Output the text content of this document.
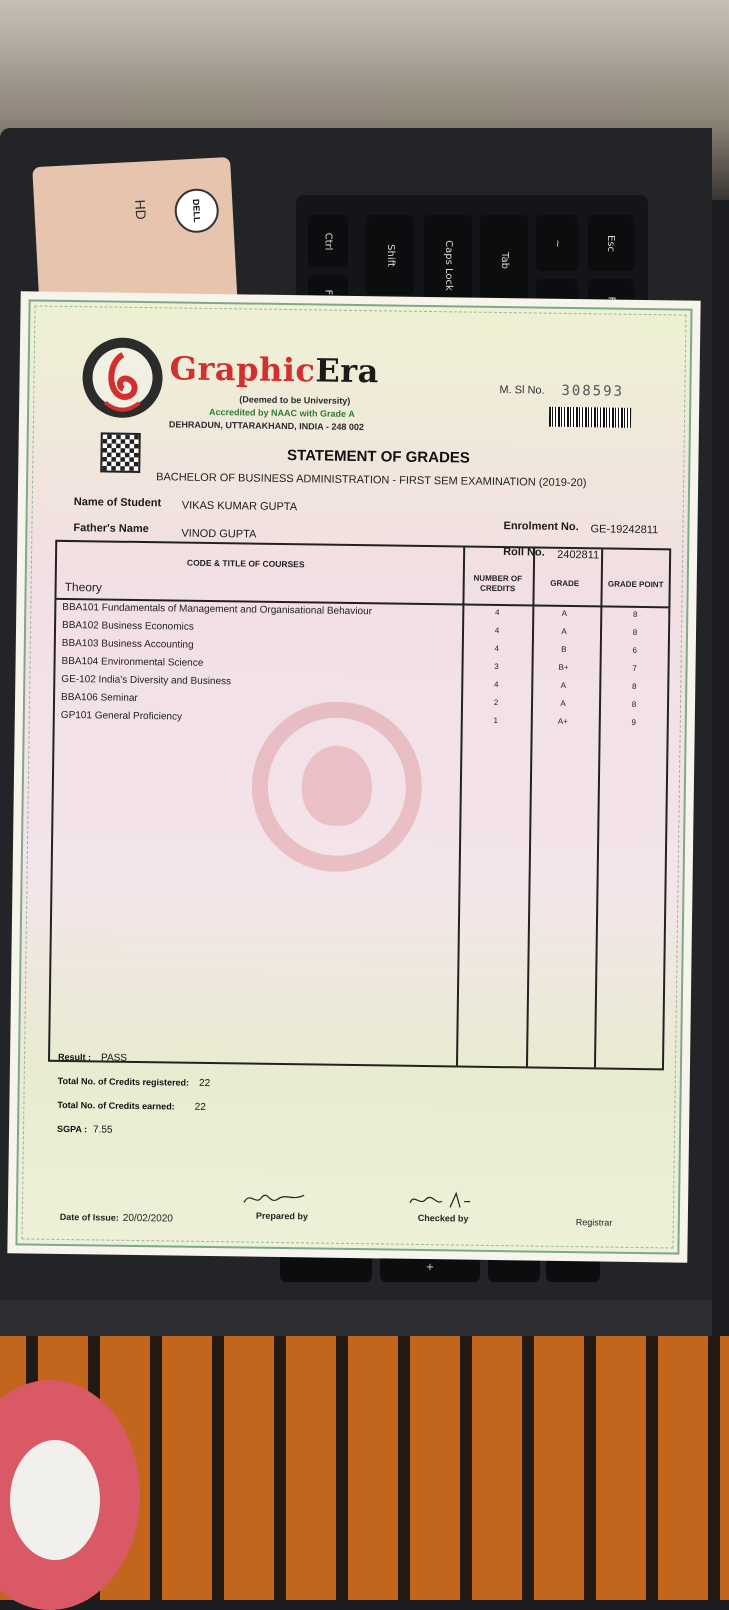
Ctrl
Shift	Caps Lock	Tab
~	Esc
DELL
HD
+
GraphicEra
(Deemed to be University)
Accredited by NAAC with Grade A
DEHRADUN, UTTARAKHAND, INDIA - 248 002
M. Sl No. 308593
STATEMENT OF GRADES
BACHELOR OF BUSINESS ADMINISTRATION - FIRST SEM EXAMINATION (2019-20)
Name of Student VIKAS KUMAR GUPTA
Father's Name	VINOD GUPTA
Enrolment No. GE-19242811
Roll No. 2402811
CODE & TITLE OF COURSES
NUMBER OF CREDITS
GRADE	GRADE POINT
Theory
BBA101 Fundamentals of Management and Organisational Behaviour	4	A	8
BBA102 Business Economics	4	A	8
BBA103 Business Accounting	4	B	6
BBA104 Environmental Science	3	B+	7
GE-102 India's Diversity and Business	4	A	8
BBA106 Seminar	2	A	8
GP101 General Proficiency	1	A+	9
Result : PASS
Total No. of Credits registered: 22
Total No. of Credits earned: 22
SGPA : 7.55
Date of Issue: 20/02/2020	Prepared by	Checked by	Registrar
